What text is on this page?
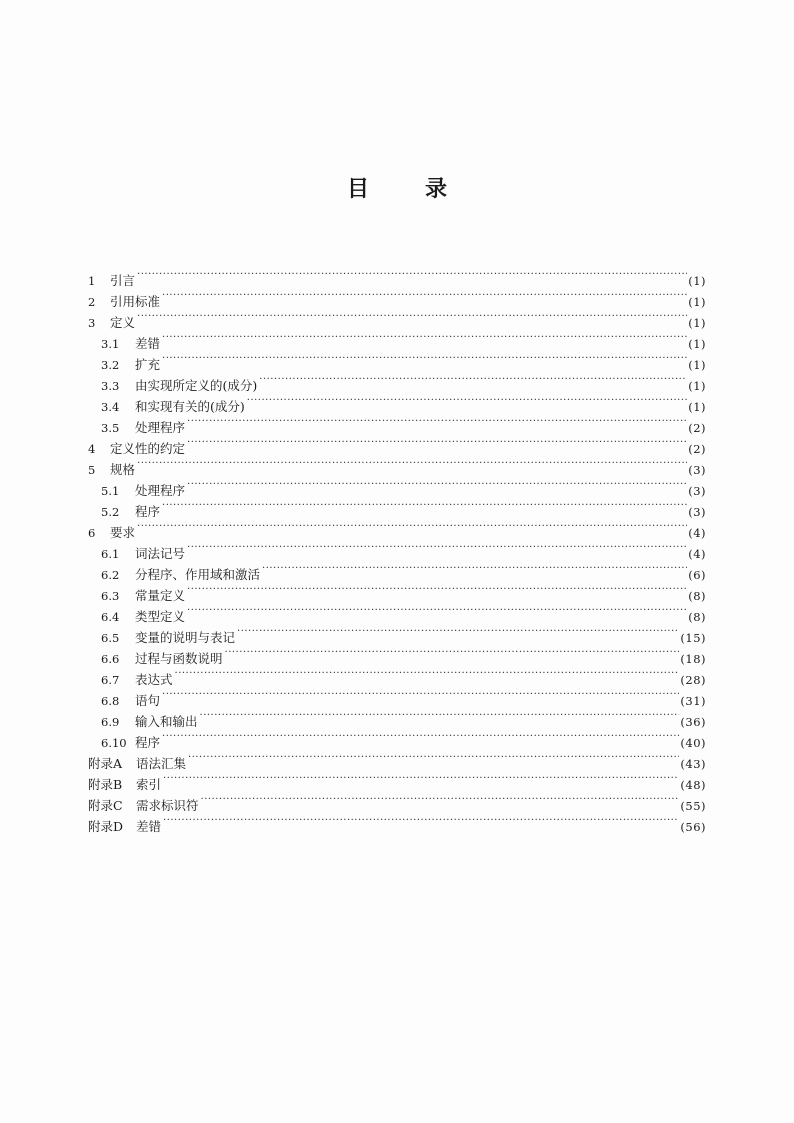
目	录
1	引言 ·····	(1)
2	引用标准 ·····	(1)
3	定义 ·····	(1)
3.1	差错 ·····	(1)
3.2	扩充 ·····	(1)
3.3	由实现所定义的(成分) ·····	(1)
3.4	和实现有关的(成分) ·····	(1)
3.5	处理程序 ·····	(2)
4	定义性的约定 ·····	(2)
5	规格 ·····	(3)
5.1	处理程序 ·····	(3)
5.2	程序 ·····	(3)
6	要求 ·····	(4)
6.1	词法记号 ·····	(4)
6.2	分程序、作用域和激活 ·····	(6)
6.3	常量定义 ·····	(8)
6.4	类型定义 ·····	(8)
6.5	变量的说明与表记 ·····	(15)
6.6	过程与函数说明 ·····	(18)
6.7	表达式 ·····	(28)
6.8	语句 ·····	(31)
6.9	输入和输出 ·····	(36)
6.10 程序 ·····	(40)
附录A	语法汇集 ·····	(43)
附录B	索引 ·····	(48)
附录C	需求标识符 ·····	(55)
附录D	差错 ·····	(56)
